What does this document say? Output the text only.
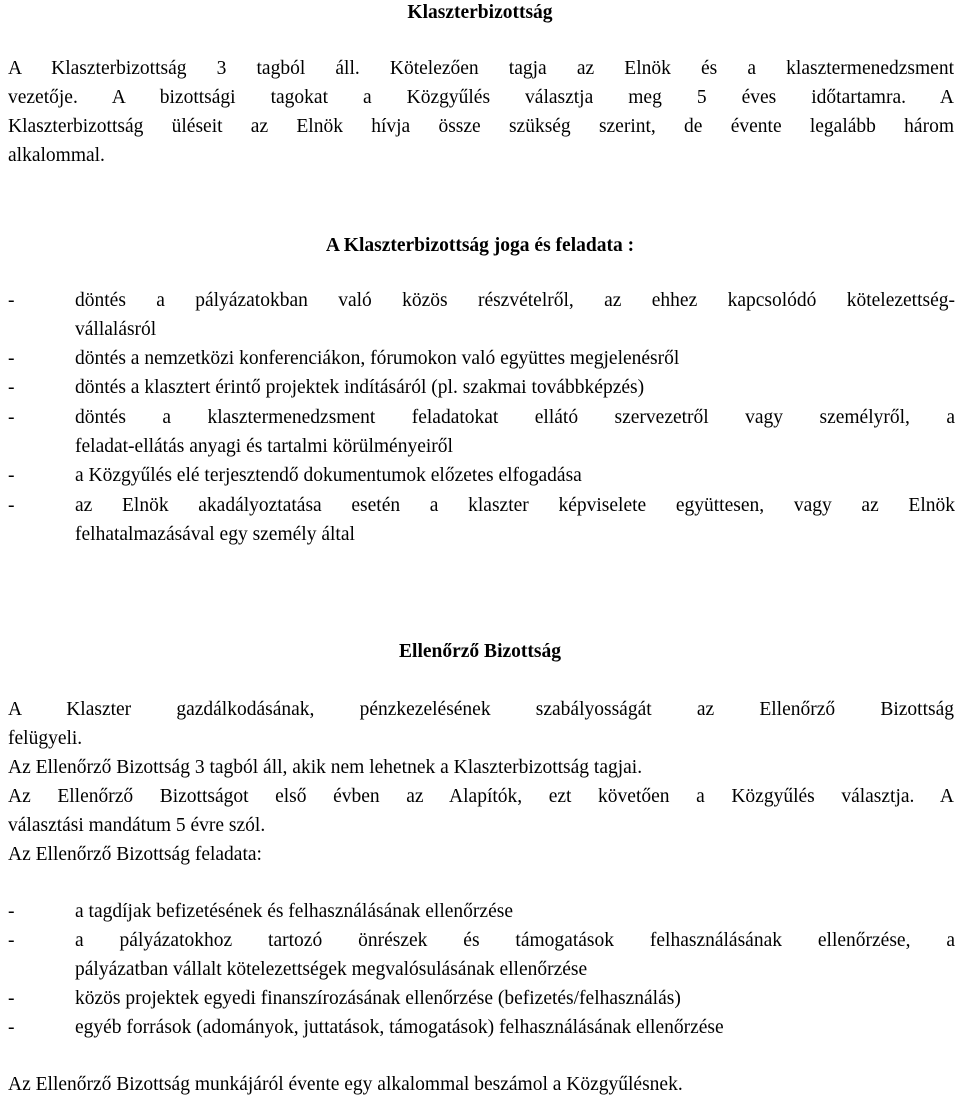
Klaszterbizottság
A Klaszterbizottság 3 tagból áll. Kötelezően tagja az Elnök és a klasztermenedzsment
vezetője. A bizottsági tagokat a Közgyűlés választja meg 5 éves időtartamra. A
Klaszterbizottság üléseit az Elnök hívja össze szükség szerint, de évente legalább három
alkalommal.
A Klaszterbizottság joga és feladata :
-	döntés a pályázatokban való közös részvételről, az ehhez kapcsolódó kötelezettség-
vállalásról
-	döntés a nemzetközi konferenciákon, fórumokon való együttes megjelenésről
-	döntés a klasztert érintő projektek indításáról (pl. szakmai továbbképzés)
-	döntés a klasztermenedzsment feladatokat ellátó szervezetről vagy személyről, a
feladat-ellátás anyagi és tartalmi körülményeiről
-	a Közgyűlés elé terjesztendő dokumentumok előzetes elfogadása
-	az Elnök akadályoztatása esetén a klaszter képviselete együttesen, vagy az Elnök
felhatalmazásával egy személy által
Ellenőrző Bizottság
A Klaszter gazdálkodásának, pénzkezelésének szabályosságát az Ellenőrző Bizottság
felügyeli.
Az Ellenőrző Bizottság 3 tagból áll, akik nem lehetnek a Klaszterbizottság tagjai.
Az Ellenőrző Bizottságot első évben az Alapítók, ezt követően a Közgyűlés választja. A
választási mandátum 5 évre szól.
Az Ellenőrző Bizottság feladata:
-	a tagdíjak befizetésének és felhasználásának ellenőrzése
-	a pályázatokhoz tartozó önrészek és támogatások felhasználásának ellenőrzése, a
pályázatban vállalt kötelezettségek megvalósulásának ellenőrzése
-	közös projektek egyedi finanszírozásának ellenőrzése (befizetés/felhasználás)
-	egyéb források (adományok, juttatások, támogatások) felhasználásának ellenőrzése
Az Ellenőrző Bizottság munkájáról évente egy alkalommal beszámol a Közgyűlésnek.
